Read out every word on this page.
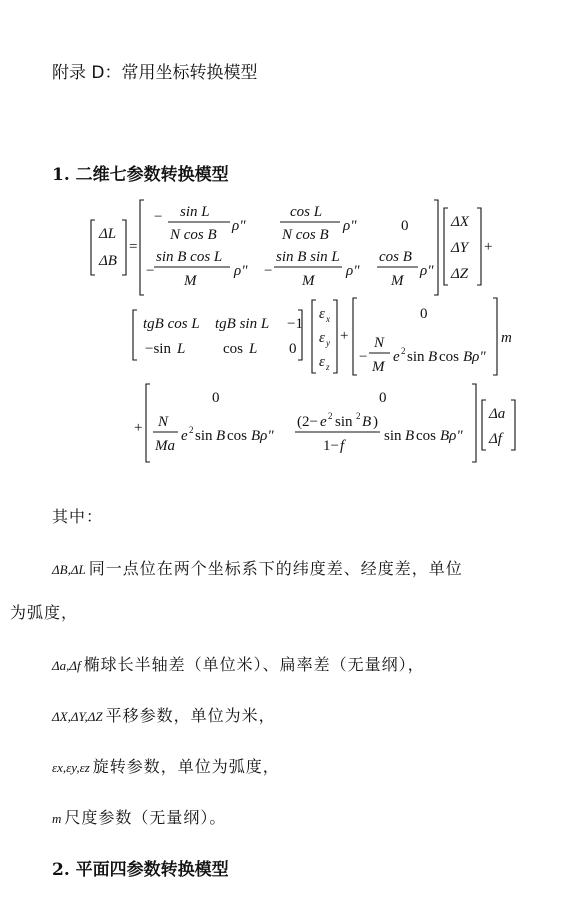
附录 D：常用坐标转换模型
1. 二维七参数转换模型
ΔL
ΔB
=
− sin L
N cos B
ρ"
cos L
N cos B
ρ"	0
−
sin B cos L
M
ρ" −
sin B sin L
M
ρ"
cos B
M
ρ"
ΔX
ΔY
ΔZ
+
tgB cos L tgB sin L −1
−sin L	cos L 0
ε x
ε y
ε z
+
0
−
N
M
e 2 sin B cos Bρ"
m
+
0	0
N
Ma
e 2 sin B cos Bρ"
(2− e 2 sin 2 B )
1− f
sin B cos Bρ"
Δa
Δf
其中：
ΔB,ΔL 同一点位在两个坐标系下的纬度差、经度差，单位
为弧度，
Δa,Δf 椭球长半轴差（单位米）、扁率差（无量纲），
ΔX,ΔY,ΔZ 平移参数，单位为米，
εx,εy,εz 旋转参数，单位为弧度，
m 尺度参数（无量纲）。
2. 平面四参数转换模型
